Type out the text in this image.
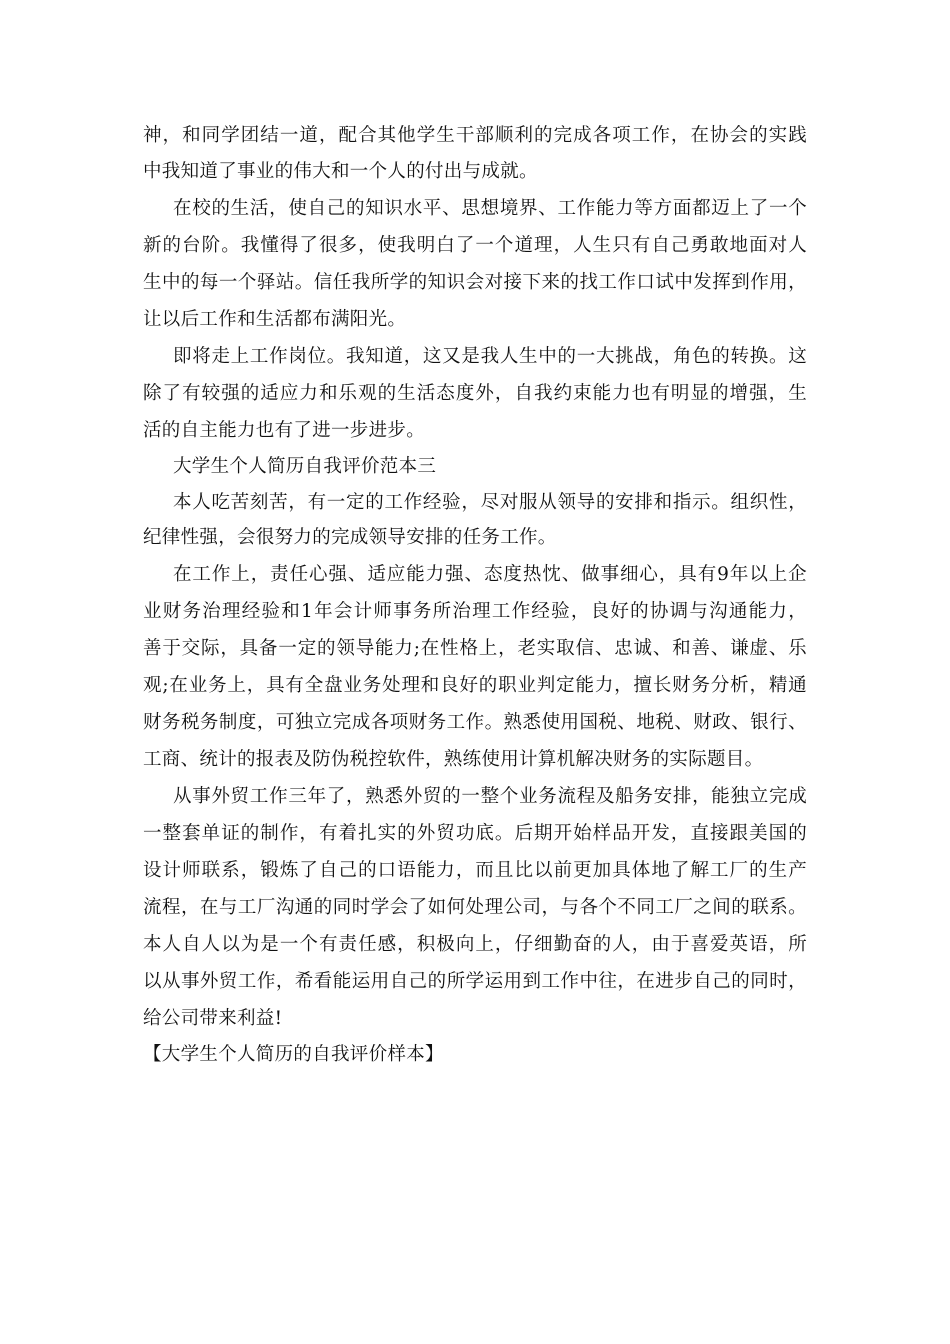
神，和同学团结一道，配合其他学生干部顺利的完成各项工作，在协会的实践
中我知道了事业的伟大和一个人的付出与成就。
在校的生活，使自己的知识水平、思想境界、工作能力等方面都迈上了一个
新的台阶。我懂得了很多，使我明白了一个道理，人生只有自己勇敢地面对人
生中的每一个驿站。信任我所学的知识会对接下来的找工作口试中发挥到作用，
让以后工作和生活都布满阳光。
即将走上工作岗位。我知道，这又是我人生中的一大挑战，角色的转换。这
除了有较强的适应力和乐观的生活态度外，自我约束能力也有明显的增强，生
活的自主能力也有了进一步进步。
大学生个人简历自我评价范本三
本人吃苦刻苦，有一定的工作经验，尽对服从领导的安排和指示。组织性，
纪律性强，会很努力的完成领导安排的任务工作。
在工作上，责任心强、适应能力强、态度热忱、做事细心，具有9年以上企
业财务治理经验和1年会计师事务所治理工作经验，良好的协调与沟通能力，
善于交际，具备一定的领导能力;在性格上，老实取信、忠诚、和善、谦虚、乐
观;在业务上，具有全盘业务处理和良好的职业判定能力，擅长财务分析，精通
财务税务制度，可独立完成各项财务工作。熟悉使用国税、地税、财政、银行、
工商、统计的报表及防伪税控软件，熟练使用计算机解决财务的实际题目。
从事外贸工作三年了，熟悉外贸的一整个业务流程及船务安排，能独立完成
一整套单证的制作，有着扎实的外贸功底。后期开始样品开发，直接跟美国的
设计师联系，锻炼了自己的口语能力，而且比以前更加具体地了解工厂的生产
流程，在与工厂沟通的同时学会了如何处理公司，与各个不同工厂之间的联系。
本人自人以为是一个有责任感，积极向上，仔细勤奋的人，由于喜爱英语，所
以从事外贸工作，希看能运用自己的所学运用到工作中往，在进步自己的同时，
给公司带来利益!
【大学生个人简历的自我评价样本】
